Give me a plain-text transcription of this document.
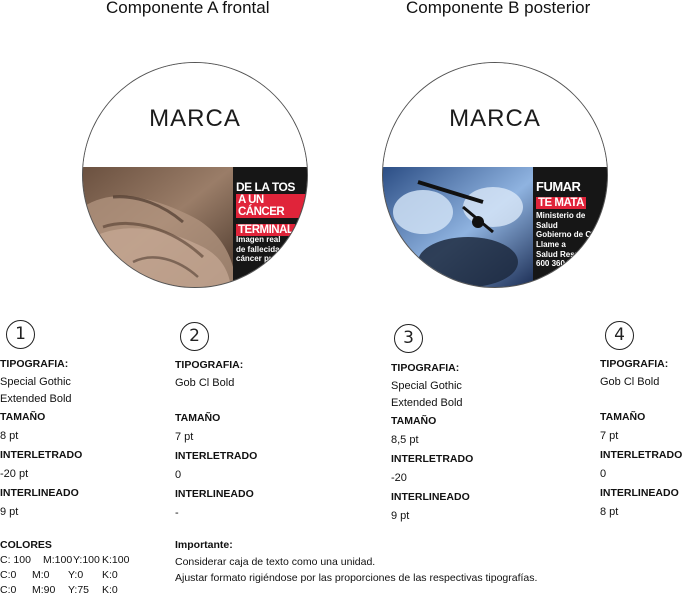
Componente A frontal	Componente B posterior
MARCA
DE LA TOS
A UN CÁNCER
TERMINAL
Imagen real
de fallecida por
cáncer pulmonar
MARCA
FUMAR
TE MATA
Ministerio de Salud
Gobierno de Chile
Llame a
Salud Responde:
600 360 7777
1	2	3	4
TIPOGRAFIA:
Special Gothic
Extended Bold
TAMAÑO
8 pt
INTERLETRADO
-20 pt
INTERLINEADO
9 pt
TIPOGRAFIA:
Gob Cl Bold
TAMAÑO
7 pt
INTERLETRADO
0
INTERLINEADO
-
TIPOGRAFIA:
Special Gothic
Extended Bold
TAMAÑO
8,5 pt
INTERLETRADO
-20
INTERLINEADO
9 pt
TIPOGRAFIA:
Gob Cl Bold
TAMAÑO
7 pt
INTERLETRADO
0
INTERLINEADO
8 pt
COLORES
C: 100 M:100Y:100 K:100
C:0 M:0 Y:0 K:0
C:0 M:90 Y:75 K:0
Importante:
Considerar caja de texto como una unidad.
Ajustar formato rigiéndose por las proporciones de las respectivas tipografías.
